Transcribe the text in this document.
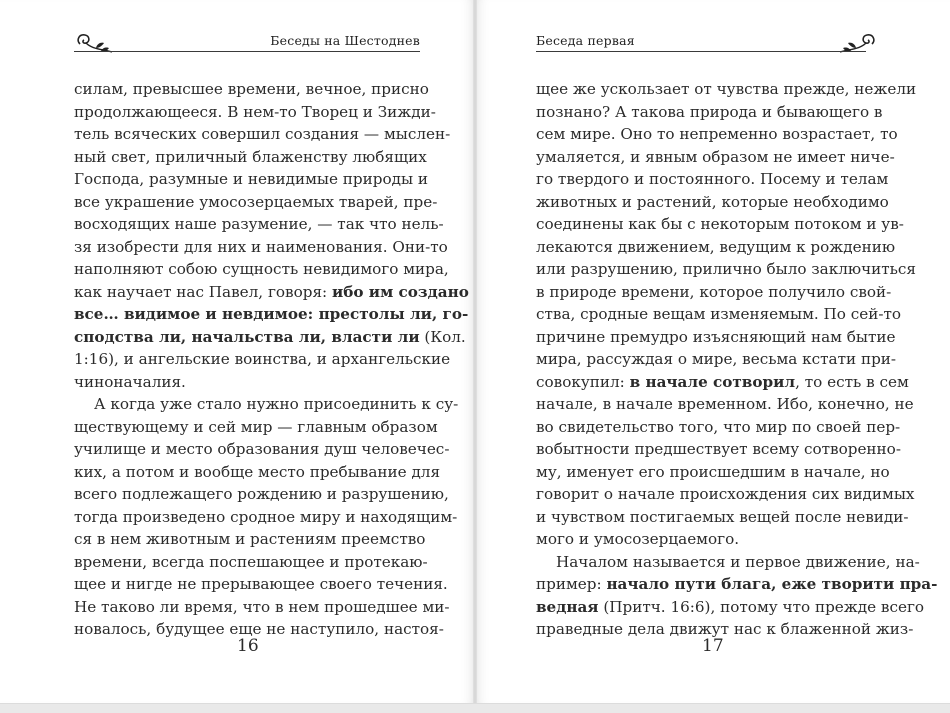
Беседы на Шестоднев
силам, превысшее времени, вечное, присно
продолжающееся. В нем-то Творец и Зижди-
тель всяческих совершил создания — мыслен-
ный свет, приличный блаженству любящих
Господа, разумные и невидимые природы и
все украшение умосозерцаемых тварей, пре-
восходящих наше разумение, — так что нель-
зя изобрести для них и наименования. Они-то
наполняют собою сущность невидимого мира,
как научает нас Павел, говоря: ибо им создано
все… видимое и невдимое: престолы ли, го-
сподства ли, начальства ли, власти ли (Кол.
1:16), и ангельские воинства, и архангельские
чиноначалия.
А когда уже стало нужно присоединить к су-
ществующему и сей мир — главным образом
училище и место образования душ человечес-
ких, а потом и вообще место пребывание для
всего подлежащего рождению и разрушению,
тогда произведено сродное миру и находящим-
ся в нем животным и растениям преемство
времени, всегда поспешающее и протекаю-
щее и нигде не прерывающее своего течения.
Не таково ли время, что в нем прошедшее ми-
новалось, будущее еще не наступило, настоя-
16
Беседа первая
щее же ускользает от чувства прежде, нежели
познано? А такова природа и бывающего в
сем мире. Оно то непременно возрастает, то
умаляется, и явным образом не имеет ниче-
го твердого и постоянного. Посему и телам
животных и растений, которые необходимо
соединены как бы с некоторым потоком и ув-
лекаются движением, ведущим к рождению
или разрушению, прилично было заключиться
в природе времени, которое получило свой-
ства, сродные вещам изменяемым. По сей-то
причине премудро изъясняющий нам бытие
мира, рассуждая о мире, весьма кстати при-
совокупил: в начале сотворил, то есть в сем
начале, в начале временном. Ибо, конечно, не
во свидетельство того, что мир по своей пер-
вобытности предшествует всему сотворенно-
му, именует его происшедшим в начале, но
говорит о начале происхождения сих видимых
и чувством постигаемых вещей после невиди-
мого и умосозерцаемого.
Началом называется и первое движение, на-
пример: начало пути блага, еже творити пра-
ведная (Притч. 16:6), потому что прежде всего
праведные дела движут нас к блаженной жиз-
17
